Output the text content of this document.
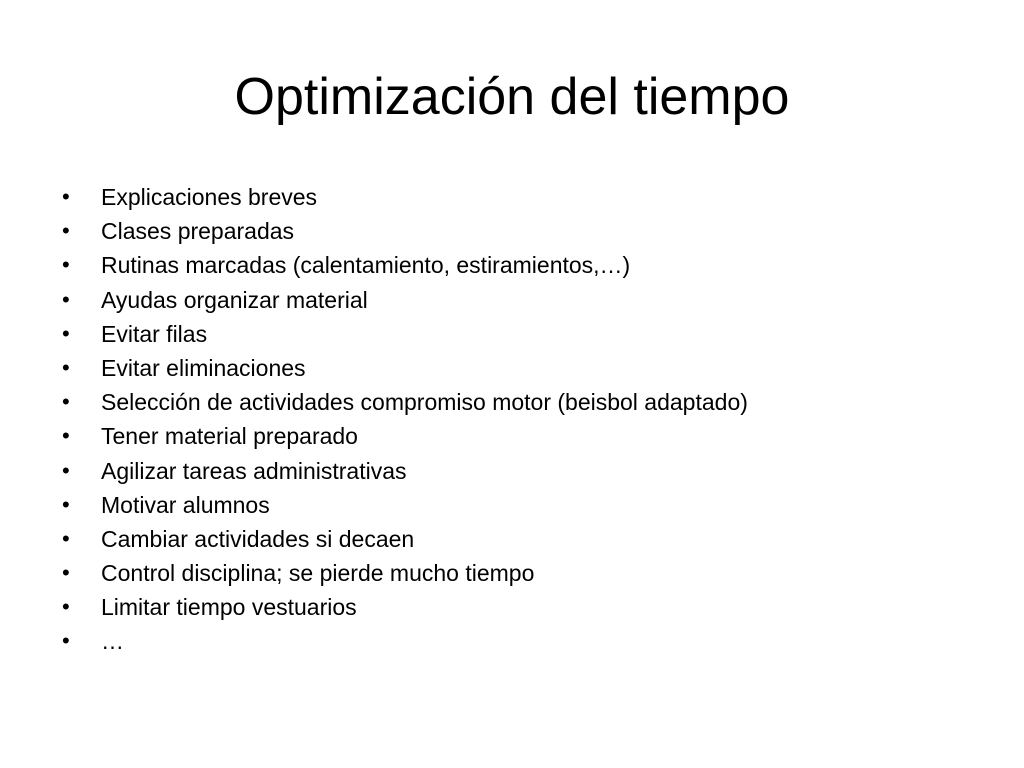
Optimización del tiempo
• Explicaciones breves
• Clases preparadas
• Rutinas marcadas (calentamiento, estiramientos,…)
• Ayudas organizar material
• Evitar filas
• Evitar eliminaciones
• Selección de actividades compromiso motor (beisbol adaptado)
• Tener material preparado
• Agilizar tareas administrativas
• Motivar alumnos
• Cambiar actividades si decaen
• Control disciplina; se pierde mucho tiempo
• Limitar tiempo vestuarios
• …
